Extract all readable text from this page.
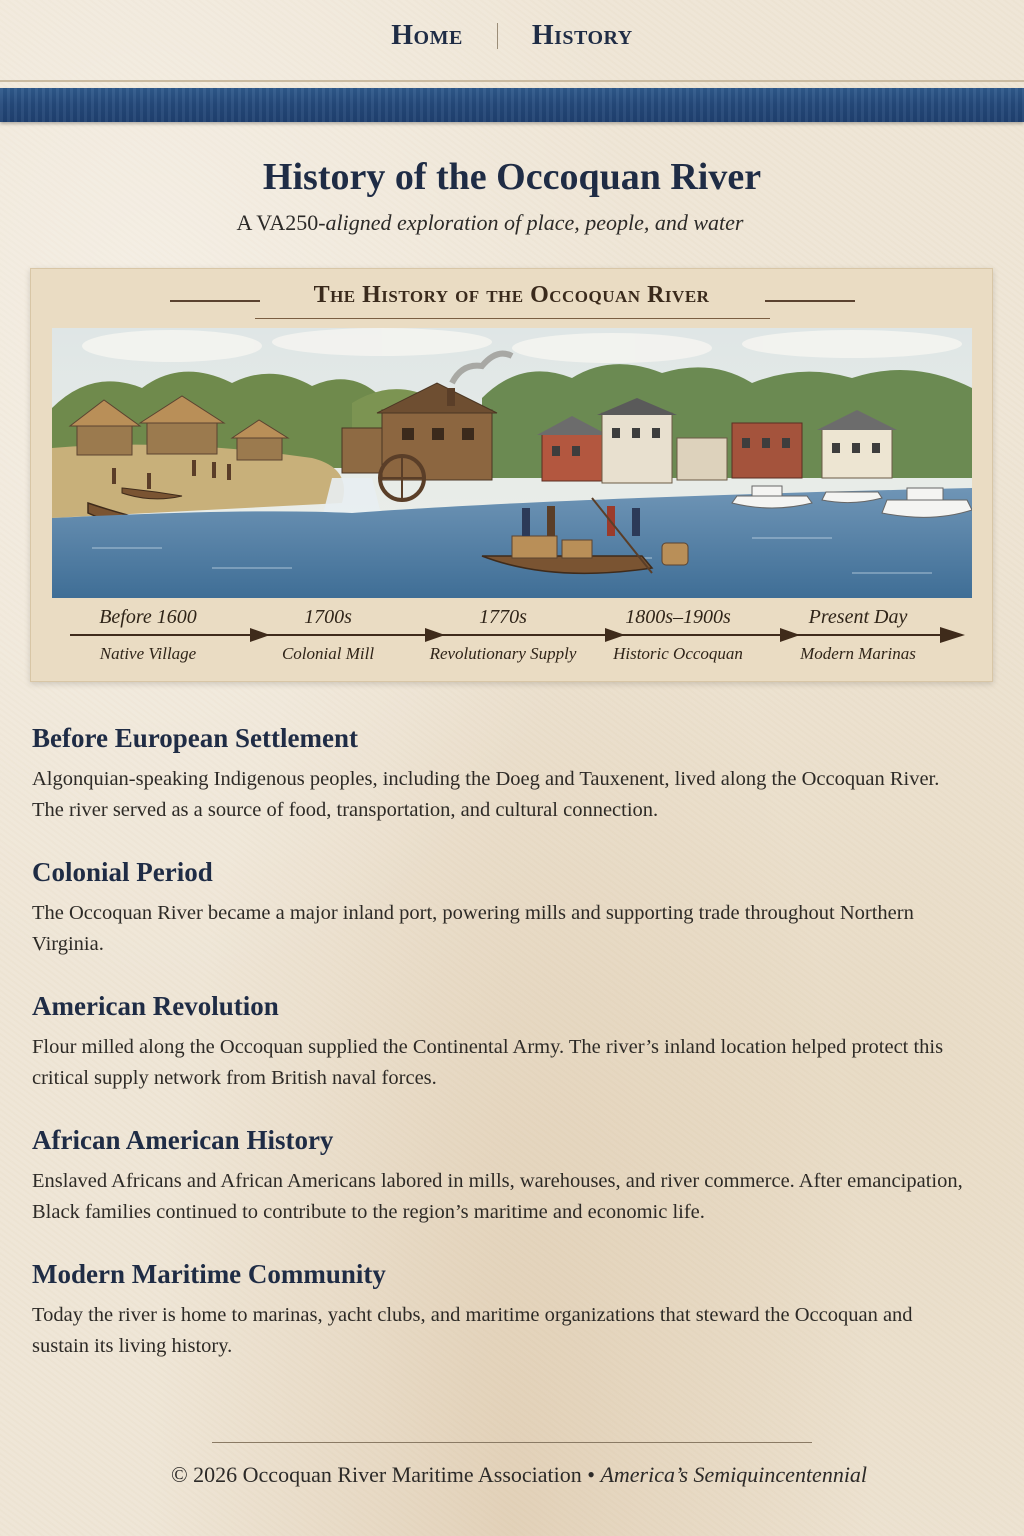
Home	History
History of the Occoquan River
A VA250-aligned exploration of place, people, and water
The History of the Occoquan River
Before 1600
Native Village
1700s
Colonial Mill
1770s
Revolutionary Supply
1800s–1900s
Historic Occoquan
Present Day
Modern Marinas
Before European Settlement

Algonquian-speaking Indigenous peoples, including the Doeg and Tauxenent, lived along the Occoquan River. The river served as a source of food, transportation, and cultural connection.

Colonial Period

The Occoquan River became a major inland port, powering mills and supporting trade throughout Northern Virginia.

American Revolution

Flour milled along the Occoquan supplied the Continental Army. The river’s inland location helped protect this critical supply network from British naval forces.

African American History

Enslaved Africans and African Americans labored in mills, warehouses, and river commerce. After emancipation, Black families continued to contribute to the region’s maritime and economic life.

Modern Maritime Community

Today the river is home to marinas, yacht clubs, and maritime organizations that steward the Occoquan and sustain its living history.

© 2026 Occoquan River Maritime Association • America’s Semiquincentennial
